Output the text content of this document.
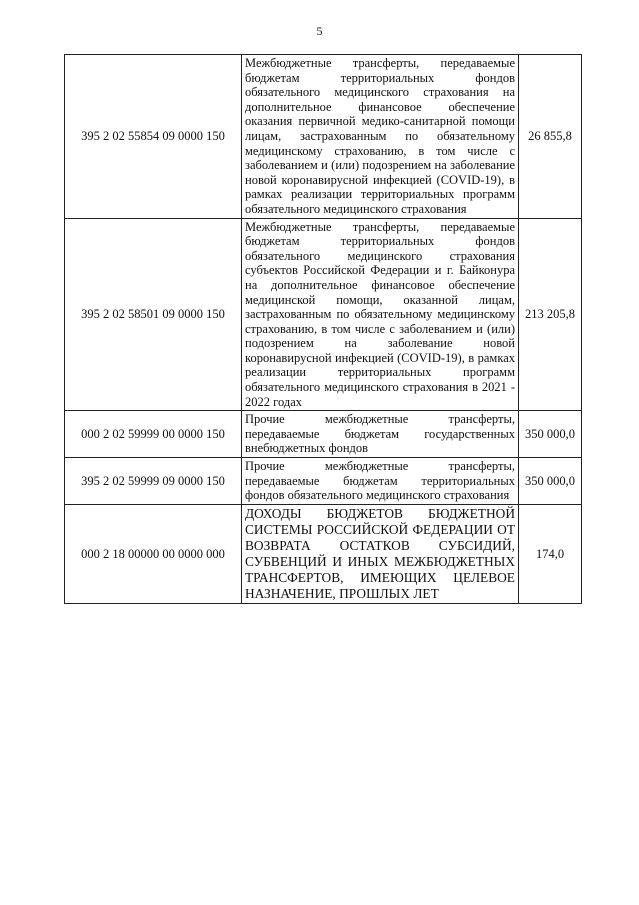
5
395 2 02 55854 09 0000 150	Межбюджетные трансферты, передаваемые бюджетам территориальных фондов обязательного медицинского страхования на дополнительное финансовое обеспечение оказания первичной медико-санитарной помощи лицам, застрахованным по обязательному медицинскому страхованию, в том числе с заболеванием и (или) подозрением на заболевание новой коронавирусной инфекцией (COVID-19), в рамках реализации территориальных программ обязательного медицинского страхования	26 855,8
395 2 02 58501 09 0000 150	Межбюджетные трансферты, передаваемые бюджетам территориальных фондов обязательного медицинского страхования субъектов Российской Федерации и г. Байконура на дополнительное финансовое обеспечение медицинской помощи, оказанной лицам, застрахованным по обязательному медицинскому страхованию, в том числе с заболеванием и (или) подозрением на заболевание новой коронавирусной инфекцией (COVID-19), в рамках реализации территориальных программ обязательного медицинского страхования в 2021 - 2022 годах	213 205,8
000 2 02 59999 00 0000 150	Прочие межбюджетные трансферты, передаваемые бюджетам государственных внебюджетных фондов	350 000,0
395 2 02 59999 09 0000 150	Прочие межбюджетные трансферты, передаваемые бюджетам территориальных фондов обязательного медицинского страхования	350 000,0
000 2 18 00000 00 0000 000	ДОХОДЫ БЮДЖЕТОВ БЮДЖЕТНОЙ СИСТЕМЫ РОССИЙСКОЙ ФЕДЕРАЦИИ ОТ ВОЗВРАТА ОСТАТКОВ СУБСИДИЙ, СУБВЕНЦИЙ И ИНЫХ МЕЖБЮДЖЕТНЫХ ТРАНСФЕРТОВ, ИМЕЮЩИХ ЦЕЛЕВОЕ НАЗНАЧЕНИЕ, ПРОШЛЫХ ЛЕТ	174,0
